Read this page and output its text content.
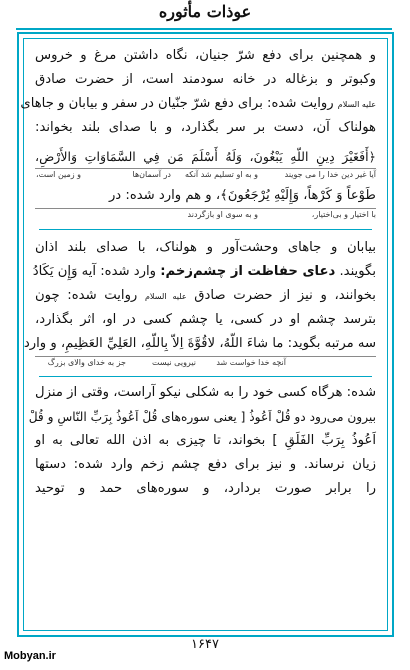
عوذات مأثوره
و همچنین برای دفع شرّ جنیان، نگاه داشتن مرغ و خروس
وکبوتر و بزغاله در خانه سودمند است، از حضرت صادق
علیه السلام روایت شده: برای دفع شرّ جنّیان در سفر و بیابان و جاهای
هولناک آن، دست بر سر بگذارد، و با صدای بلند بخواند:
﴿أَفَغَيْرَ دِينِ اللّهِ يَبْغُونَ، وَلَهُ أَسْلَمَ مَن فِي السَّمَاوَاتِ وَالأَرْضِ،
آیا غیر دین خدا را می جویند
و به او تسلیم شد آنکه
در آسمان‌ها
و زمین است،
طَوْعاً وَ كَرْهاً، وَإِلَيْهِ يُرْجَعُونَ﴾، و هم وارد شده: در
با اختیار و بی‌اختیار،
و به سوی او بازگردند
بیابان و جاهای وحشت‌آور و هولناک، با صدای بلند اذان
بگویند. دعای حفاظت از چشم‌زخم: وارد شده: آیه وَإِن يَكَادُ
بخوانند، و نیز از حضرت صادق علیه السلام روایت شده: چون
بترسد چشم او در کسی، یا چشم کسی در او، اثر بگذارد،
سه مرتبه بگوید: ما شاءَ اللّهُ، لاقُوَّةَ اِلاّ بِاللّهِ، العَلِيِّ العَظِيمِ، و وارد
آنچه خدا خواست شد
نیرویی نیست
جز به خدای والای بزرگ
شده: هرگاه کسی خود را به شکلی نیکو آراست، وقتی از منزل
بیرون می‌رود دو قُلْ اَعُوذُ [ یعنی سوره‌های قُلْ اَعُوذُ بِرَبِّ النّاسِ و قُلْ
اَعُوذُ بِرَبِّ الفَلَقِ ] بخواند، تا چیزی به اذن الله تعالی به او
زیان نرساند. و نیز برای دفع چشم زخم وارد شده: دستها
را برابر صورت بردارد، و سوره‌های حمد و توحید
۱۶۴۷
Mobyan.ir
